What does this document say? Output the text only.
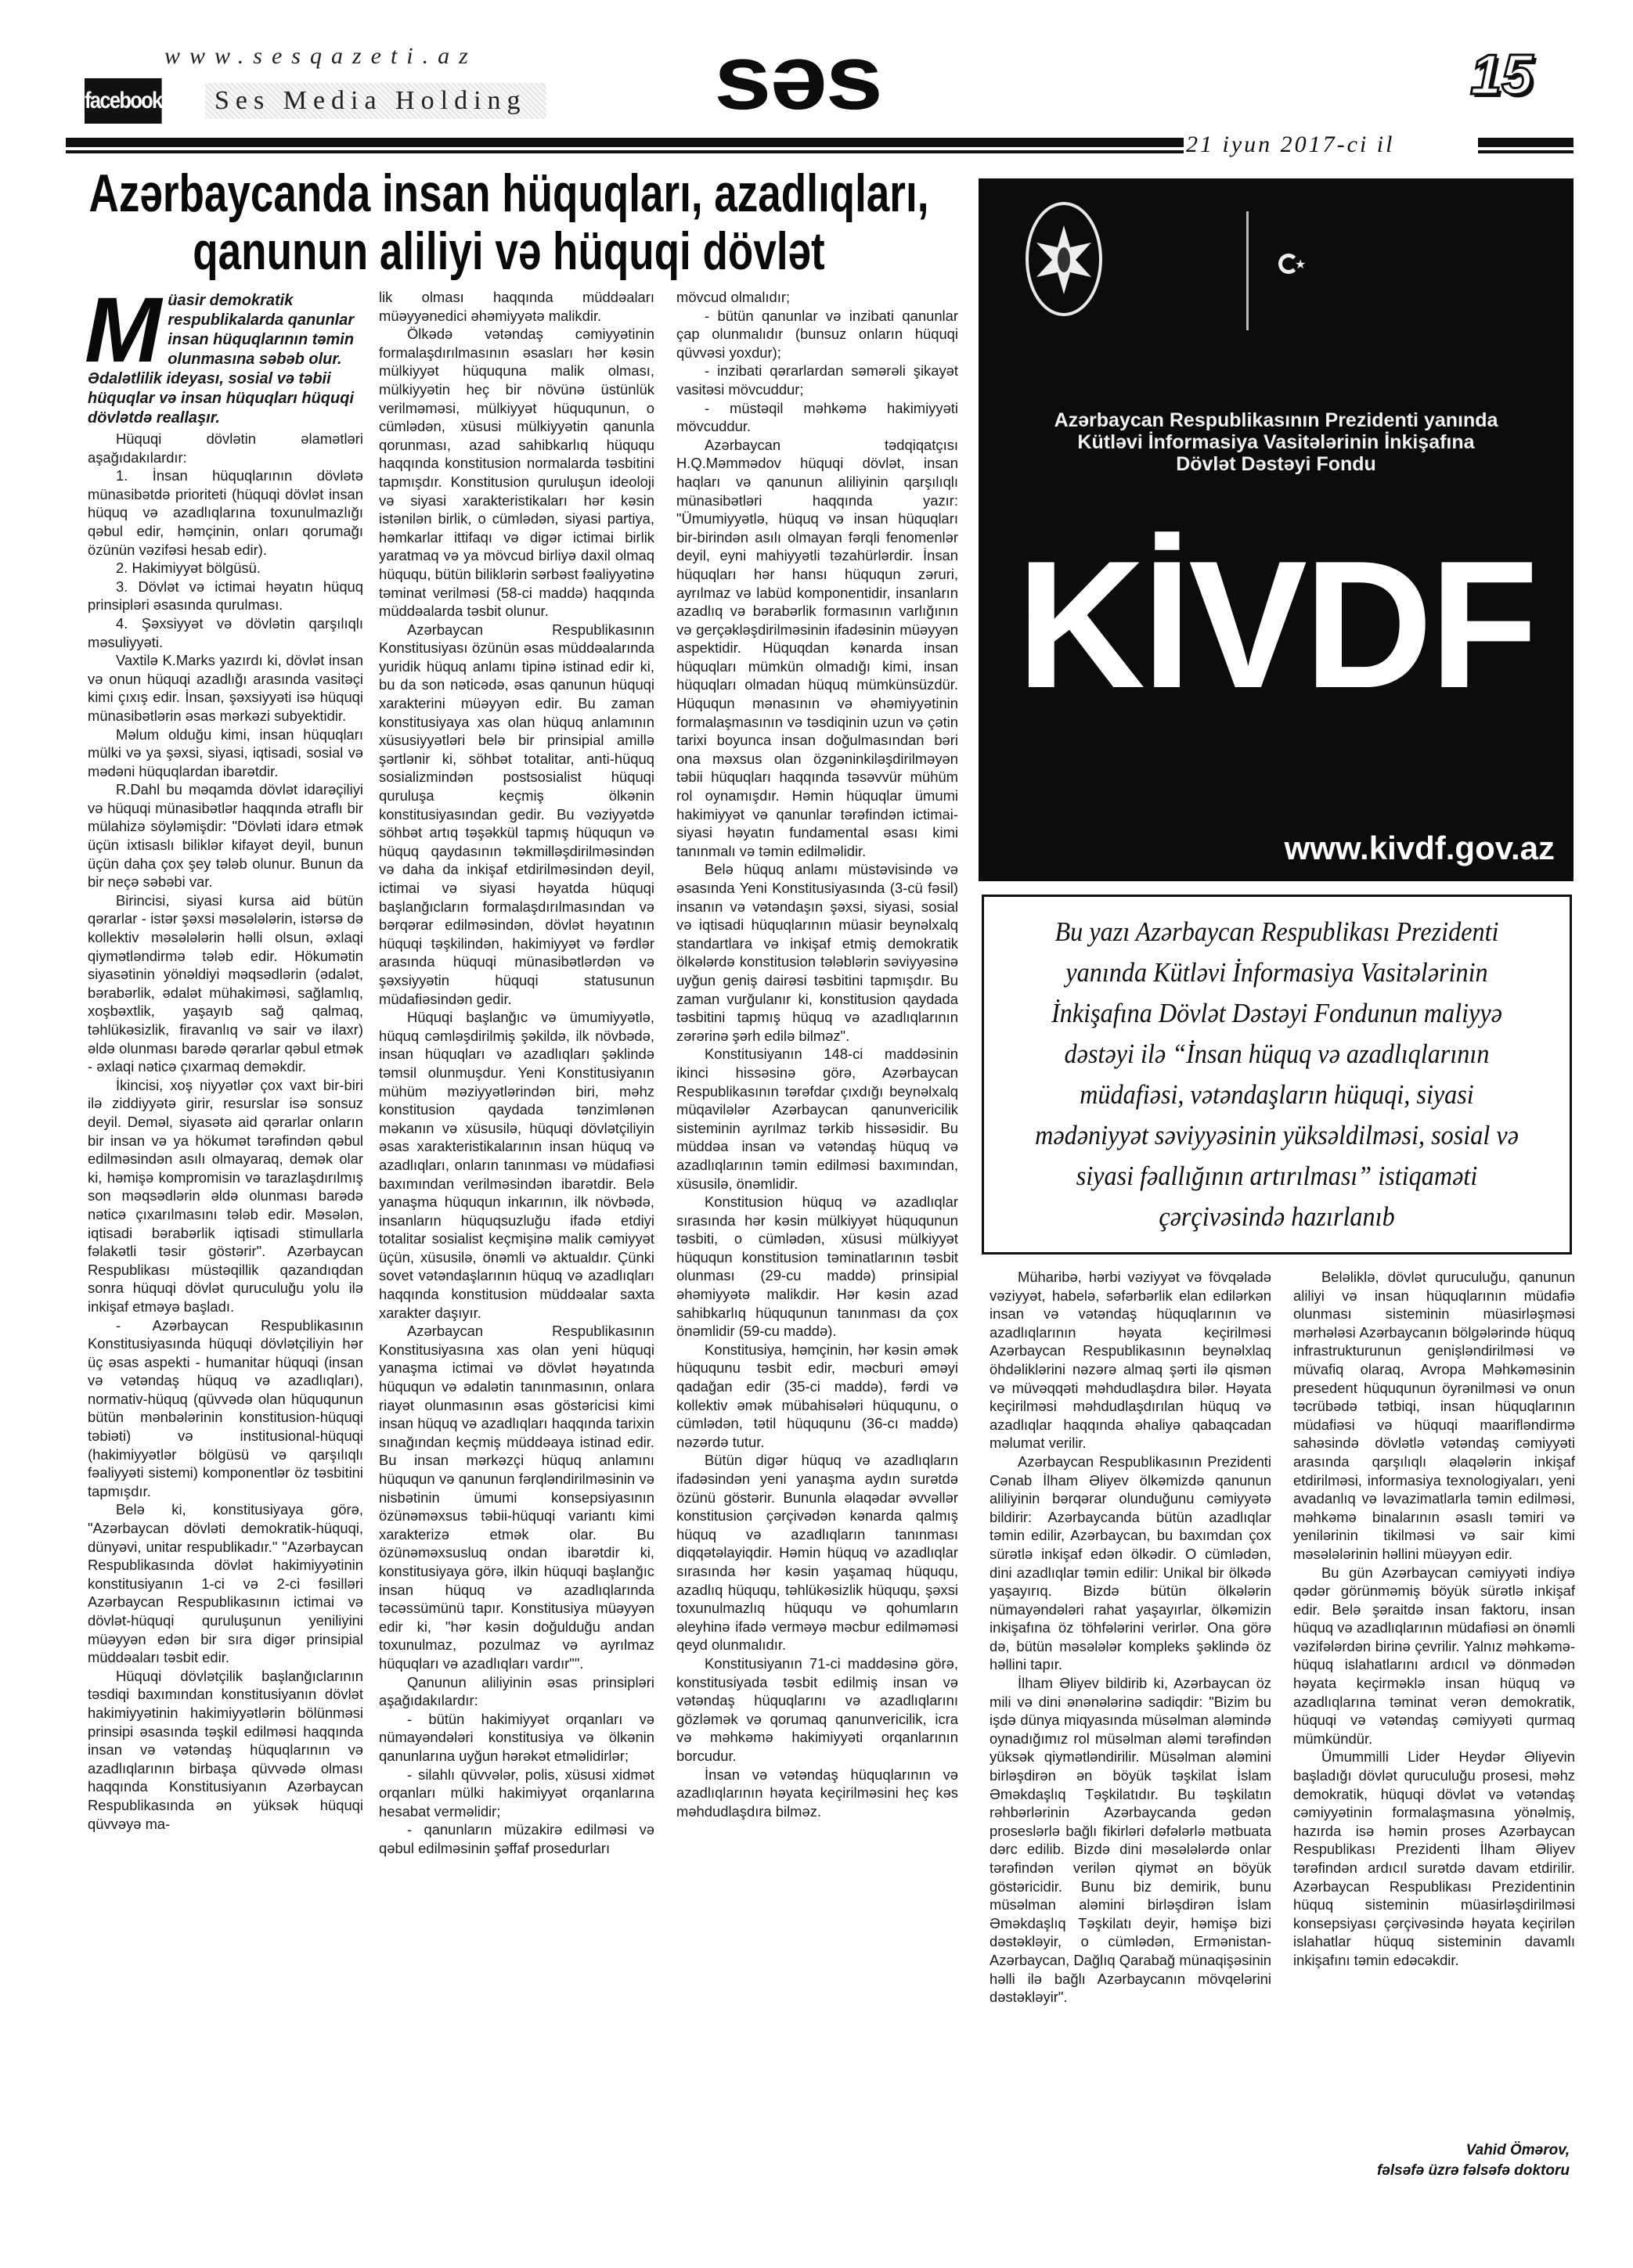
www.sesqazeti.az
facebook	Ses Media Holding səs	15
21 iyun 2017-ci il
Azərbaycanda insan hüquqları, azadlıqları,
qanunun aliliyi və hüquqi dövlət
Müasir demokratik respublikalarda qanunlar insan hüquqlarının təmin olunmasına səbəb olur. Ədalətlilik ideyası, sosial və təbii hüquqlar və insan hüquqları hüquqi dövlətdə reallaşır.

Hüquqi dövlətin əlamətləri aşağıdakılardır:

1. İnsan hüquqlarının dövlətə münasibətdə prioriteti (hüquqi dövlət insan hüquq və azadlıqlarına toxunulmazlığı qəbul edir, həmçinin, onları qorumağı özünün vəzifəsi hesab edir).

2. Hakimiyyət bölgüsü.

3. Dövlət və ictimai həyatın hüquq prinsipləri əsasında qurulması.

4. Şəxsiyyət və dövlətin qarşılıqlı məsuliyyəti.

Vaxtilə K.Marks yazırdı ki, dövlət insan və onun hüquqi azadlığı arasında vasitəçi kimi çıxış edir. İnsan, şəxsiyyəti isə hüquqi münasibətlərin əsas mərkəzi subyektidir.

Məlum olduğu kimi, insan hüquqları mülki və ya şəxsi, siyasi, iqtisadi, sosial və mədəni hüquqlardan ibarətdir.

R.Dahl bu məqamda dövlət idarəçiliyi və hüquqi münasibətlər haqqında ətraflı bir mülahizə söyləmişdir: "Dövləti idarə etmək üçün ixtisaslı biliklər kifayət deyil, bunun üçün daha çox şey tələb olunur. Bunun da bir neçə səbəbi var.

Birincisi, siyasi kursa aid bütün qərarlar - istər şəxsi məsələlərin, istərsə də kollektiv məsələlərin həlli olsun, əxlaqi qiymətləndirmə tələb edir. Hökumətin siyasətinin yönəldiyi məqsədlərin (ədalət, bərabərlik, ədalət mühakiməsi, sağlamlıq, xoşbəxtlik, yaşayıb sağ qalmaq, təhlükəsizlik, firavanlıq və sair və ilaxr) əldə olunması barədə qərarlar qəbul etmək - əxlaqi nəticə çıxarmaq deməkdir.

İkincisi, xoş niyyətlər çox vaxt bir-biri ilə ziddiyyətə girir, resurslar isə sonsuz deyil. Deməl, siyasətə aid qərarlar onların bir insan və ya hökumət tərəfindən qəbul edilməsindən asılı olmayaraq, demək olar ki, həmişə kompromisin və tarazlaşdırılmış son məqsədlərin əldə olunması barədə nəticə çıxarılmasını tələb edir. Məsələn, iqtisadi bərabərlik iqtisadi stimullarla fəlakətli təsir göstərir". Azərbaycan Respublikası müstəqillik qazandıqdan sonra hüquqi dövlət quruculuğu yolu ilə inkişaf etməyə başladı.

- Azərbaycan Respublikasının Konstitusiyasında hüquqi dövlətçiliyin hər üç əsas aspekti - humanitar hüquqi (insan və vətəndaş hüquq və azadlıqları), normativ-hüquq (qüvvədə olan hüququnun bütün mənbələrinin konstitusion-hüquqi təbiəti) və institusional-hüquqi (hakimiyyətlər bölgüsü və qarşılıqlı fəaliyyəti sistemi) komponentlər öz təsbitini tapmışdır.

Belə ki, konstitusiyaya görə, "Azərbaycan dövləti demokratik-hüquqi, dünyəvi, unitar respublikadır." "Azərbaycan Respublikasında dövlət hakimiyyətinin konstitusiyanın 1-ci və 2-ci fəsilləri Azərbaycan Respublikasının ictimai və dövlət-hüquqi quruluşunun yeniliyini müəyyən edən bir sıra digər prinsipial müddəaları təsbit edir.

Hüquqi dövlətçilik başlanğıclarının təsdiqi baxımından konstitusiyanın dövlət hakimiyyətinin hakimiyyətlərin bölünməsi prinsipi əsasında təşkil edilməsi haqqında insan və vətəndaş hüquqlarının və azadlıqlarının birbaşa qüvvədə olması haqqında Konstitusiyanın Azərbaycan Respublikasında ən yüksək hüquqi qüvvəyə ma-

lik olması haqqında müddəaları müəyyənedici əhəmiyyətə malikdir.

Ölkədə vətəndaş cəmiyyətinin formalaşdırılmasının əsasları hər kəsin mülkiyyət hüququna malik olması, mülkiyyətin heç bir növünə üstünlük verilməməsi, mülkiyyət hüququnun, o cümlədən, xüsusi mülkiyyətin qanunla qorunması, azad sahibkarlıq hüququ haqqında konstitusion normalarda təsbitini tapmışdır. Konstitusion quruluşun ideoloji və siyasi xarakteristikaları hər kəsin istənilən birlik, o cümlədən, siyasi partiya, həmkarlar ittifaqı və digər ictimai birlik yaratmaq və ya mövcud birliyə daxil olmaq hüququ, bütün biliklərin sərbəst fəaliyyətinə təminat verilməsi (58-ci maddə) haqqında müddəalarda təsbit olunur.

Azərbaycan Respublikasının Konstitusiyası özünün əsas müddəalarında yuridik hüquq anlamı tipinə istinad edir ki, bu da son nəticədə, əsas qanunun hüquqi xarakterini müəyyən edir. Bu zaman konstitusiyaya xas olan hüquq anlamının xüsusiyyətləri belə bir prinsipial amillə şərtlənir ki, söhbət totalitar, anti-hüquq sosializmindən postsosialist hüquqi quruluşa keçmiş ölkənin konstitusiyasından gedir. Bu vəziyyətdə söhbət artıq təşəkkül tapmış hüququn və hüquq qaydasının təkmilləşdirilməsindən və daha da inkişaf etdirilməsindən deyil, ictimai və siyasi həyatda hüquqi başlanğıcların formalaşdırılmasından və bərqərar edilməsindən, dövlət həyatının hüquqi təşkilindən, hakimiyyət və fərdlər arasında hüquqi münasibətlərdən və şəxsiyyətin hüquqi statusunun müdafiəsindən gedir.

Hüquqi başlanğıc və ümumiyyətlə, hüquq cəmləşdirilmiş şəkildə, ilk növbədə, insan hüquqları və azadlıqları şəklində təmsil olunmuşdur. Yeni Konstitusiyanın mühüm məziyyətlərindən biri, məhz konstitusion qaydada tənzimlənən məkanın və xüsusilə, hüquqi dövlətçiliyin əsas xarakteristikalarının insan hüquq və azadlıqları, onların tanınması və müdafiəsi baxımından verilməsindən ibarətdir. Belə yanaşma hüququn inkarının, ilk növbədə, insanların hüquqsuzluğu ifadə etdiyi totalitar sosialist keçmişinə malik cəmiyyət üçün, xüsusilə, önəmli və aktualdır. Çünki sovet vətəndaşlarının hüquq və azadlıqları haqqında konstitusion müddəalar saxta xarakter daşıyır.

Azərbaycan Respublikasının Konstitusiyasına xas olan yeni hüquqi yanaşma ictimai və dövlət həyatında hüququn və ədalətin tanınmasının, onlara riayət olunmasının əsas göstəricisi kimi insan hüquq və azadlıqları haqqında tarixin sınağından keçmiş müddəaya istinad edir. Bu insan mərkəzçi hüquq anlamını hüququn və qanunun fərqləndirilməsinin və nisbətinin ümumi konsepsiyasının özünəməxsus təbii-hüquqi variantı kimi xarakterizə etmək olar. Bu özünəməxsusluq ondan ibarətdir ki, konstitusiyaya görə, ilkin hüquqi başlanğıc insan hüquq və azadlıqlarında təcəssümünü tapır. Konstitusiya müəyyən edir ki, "hər kəsin doğulduğu andan toxunulmaz, pozulmaz və ayrılmaz hüquqları və azadlıqları vardır"".

Qanunun aliliyinin əsas prinsipləri aşağıdakılardır:

- bütün hakimiyyət orqanları və nümayəndələri konstitusiya və ölkənin qanunlarına uyğun hərəkət etməlidirlər;

- silahlı qüvvələr, polis, xüsusi xidmət orqanları mülki hakimiyyət orqanlarına hesabat verməlidir;

- qanunların müzakirə edilməsi və qəbul edilməsinin şəffaf prosedurları

mövcud olmalıdır;

- bütün qanunlar və inzibati qanunlar çap olunmalıdır (bunsuz onların hüquqi qüvvəsi yoxdur);

- inzibati qərarlardan səmərəli şikayət vasitəsi mövcuddur;

- müstəqil məhkəmə hakimiyyəti mövcuddur.

Azərbaycan tədqiqatçısı H.Q.Məmmədov hüquqi dövlət, insan haqları və qanunun aliliyinin qarşılıqlı münasibətləri haqqında yazır: "Ümumiyyətlə, hüquq və insan hüquqları bir-birindən asılı olmayan fərqli fenomenlər deyil, eyni mahiyyətli təzahürlərdir. İnsan hüquqları hər hansı hüququn zəruri, ayrılmaz və labüd komponentidir, insanların azadlıq və bərabərlik formasının varlığının və gerçəkləşdirilməsinin ifadəsinin müəyyən aspektidir. Hüquqdan kənarda insan hüquqları mümkün olmadığı kimi, insan hüquqları olmadan hüquq mümkünsüzdür. Hüququn mənasının və əhəmiyyətinin formalaşmasının və təsdiqinin uzun və çətin tarixi boyunca insan doğulmasından bəri ona məxsus olan özgəninkiləşdirilməyən təbii hüquqları haqqında təsəvvür mühüm rol oynamışdır. Həmin hüquqlar ümumi hakimiyyət və qanunlar tərəfindən ictimai-siyasi həyatın fundamental əsası kimi tanınmalı və təmin edilməlidir.

Belə hüquq anlamı müstəvisində və əsasında Yeni Konstitusiyasında (3-cü fəsil) insanın və vətəndaşın şəxsi, siyasi, sosial və iqtisadi hüquqlarının müasir beynəlxalq standartlara və inkişaf etmiş demokratik ölkələrdə konstitusion tələblərin səviyyəsinə uyğun geniş dairəsi təsbitini tapmışdır. Bu zaman vurğulanır ki, konstitusion qaydada təsbitini tapmış hüquq və azadlıqlarının zərərinə şərh edilə bilməz".

Konstitusiyanın 148-ci maddəsinin ikinci hissəsinə görə, Azərbaycan Respublikasının tərəfdar çıxdığı beynəlxalq müqavilələr Azərbaycan qanunvericilik sisteminin ayrılmaz tərkib hissəsidir. Bu müddəa insan və vətəndaş hüquq və azadlıqlarının təmin edilməsi baxımından, xüsusilə, önəmlidir.

Konstitusion hüquq və azadlıqlar sırasında hər kəsin mülkiyyət hüququnun təsbiti, o cümlədən, xüsusi mülkiyyət hüququn konstitusion təminatlarının təsbit olunması (29-cu maddə) prinsipial əhəmiyyətə malikdir. Hər kəsin azad sahibkarlıq hüququnun tanınması da çox önəmlidir (59-cu maddə).

Konstitusiya, həmçinin, hər kəsin əmək hüququnu təsbit edir, məcburi əməyi qadağan edir (35-ci maddə), fərdi və kollektiv əmək mübahisələri hüququnu, o cümlədən, tətil hüququnu (36-cı maddə) nəzərdə tutur.

Bütün digər hüquq və azadlıqların ifadəsindən yeni yanaşma aydın surətdə özünü göstərir. Bununla əlaqədar əvvəllər konstitusion çərçivədən kənarda qalmış hüquq və azadlıqların tanınması diqqətəlayiqdir. Həmin hüquq və azadlıqlar sırasında hər kəsin yaşamaq hüququ, azadlıq hüququ, təhlükəsizlik hüququ, şəxsi toxunulmazlıq hüququ və qohumların əleyhinə ifadə verməyə məcbur edilməməsi qeyd olunmalıdır.

Konstitusiyanın 71-ci maddəsinə görə, konstitusiyada təsbit edilmiş insan və vətəndaş hüquqlarını və azadlıqlarını gözləmək və qorumaq qanunvericilik, icra və məhkəmə hakimiyyəti orqanlarının borcudur.

İnsan və vətəndaş hüquqlarının və azadlıqlarının həyata keçirilməsini heç kəs məhdudlaşdıra bilməz.

★
Azərbaycan Respublikasının Prezidenti yanında
Kütləvi İnformasiya Vasitələrinin İnkişafına
Dövlət Dəstəyi Fondu
KİVDF
www.kivdf.gov.az
Bu yazı Azərbaycan Respublikası Prezidenti yanında Kütləvi İnformasiya Vasitələrinin İnkişafına Dövlət Dəstəyi Fondunun maliyyə dəstəyi ilə “İnsan hüquq və azadlıqlarının müdafiəsi, vətəndaşların hüquqi, siyasi mədəniyyət səviyyəsinin yüksəldilməsi, sosial və siyasi fəallığının artırılması” istiqaməti çərçivəsində hazırlanıb

Müharibə, hərbi vəziyyət və fövqəladə vəziyyət, habelə, səfərbərlik elan edilərkən insan və vətəndaş hüquqlarının və azadlıqlarının həyata keçirilməsi Azərbaycan Respublikasının beynəlxlaq öhdəliklərini nəzərə almaq şərti ilə qismən və müvəqqəti məhdudlaşdıra bilər. Həyata keçirilməsi məhdudlaşdırılan hüquq və azadlıqlar haqqında əhaliyə qabaqcadan məlumat verilir.

Azərbaycan Respublikasının Prezidenti Cənab İlham Əliyev ölkəmizdə qanunun aliliyinin bərqərar olunduğunu cəmiyyətə bildirir: Azərbaycanda bütün azadlıqlar təmin edilir, Azərbaycan, bu baxımdan çox sürətlə inkişaf edən ölkədir. O cümlədən, dini azadlıqlar təmin edilir: Unikal bir ölkədə yaşayırıq. Bizdə bütün ölkələrin nümayəndələri rahat yaşayırlar, ölkəmizin inkişafına öz töhfələrini verirlər. Ona görə də, bütün məsələlər kompleks şəklində öz həllini tapır.

İlham Əliyev bildirib ki, Azərbaycan öz mili və dini ənənələrinə sadiqdir: "Bizim bu işdə dünya miqyasında müsəlman aləmində oynadığımız rol müsəlman aləmi tərəfindən yüksək qiymətləndirilir. Müsəlman aləmini birləşdirən ən böyük təşkilat İslam Əməkdaşlıq Təşkilatıdır. Bu təşkilatın rəhbərlərinin Azərbaycanda gedən proseslərlə bağlı fikirləri dəfələrlə mətbuata dərc edilib. Bizdə dini məsələlərdə onlar tərəfindən verilən qiymət ən böyük göstəricidir. Bunu biz demirik, bunu müsəlman aləmini birləşdirən İslam Əməkdaşlıq Təşkilatı deyir, həmişə bizi dəstəkləyir, o cümlədən, Ermənistan-Azərbaycan, Dağlıq Qarabağ münaqişəsinin həlli ilə bağlı Azərbaycanın mövqelərini dəstəkləyir".

Beləliklə, dövlət quruculuğu, qanunun aliliyi və insan hüquqlarının müdafiə olunması sisteminin müasirləşməsi mərhələsi Azərbaycanın bölgələrində hüquq infrastrukturunun genişləndirilməsi və müvafiq olaraq, Avropa Məhkəməsinin presedent hüququnun öyrənilməsi və onun təcrübədə tətbiqi, insan hüquqlarının müdafiəsi və hüquqi maarifləndirmə sahəsində dövlətlə vətəndaş cəmiyyəti arasında qarşılıqlı əlaqələrin inkişaf etdirilməsi, informasiya texnologiyaları, yeni avadanlıq və ləvazimatlarla təmin edilməsi, məhkəmə binalarının əsaslı təmiri və yenilərinin tikilməsi və sair kimi məsələlərinin həllini müəyyən edir.

Bu gün Azərbaycan cəmiyyəti indiyə qədər görünməmiş böyük sürətlə inkişaf edir. Belə şəraitdə insan faktoru, insan hüquq və azadlıqlarının müdafiəsi ən önəmli vəzifələrdən birinə çevrilir. Yalnız məhkəmə-hüquq islahatlarını ardıcıl və dönmədən həyata keçirməklə insan hüquq və azadlıqlarına təminat verən demokratik, hüquqi və vətəndaş cəmiyyəti qurmaq mümkündür.

Ümummilli Lider Heydər Əliyevin başladığı dövlət quruculuğu prosesi, məhz demokratik, hüquqi dövlət və vətəndaş cəmiyyətinin formalaşmasına yönəlmiş, hazırda isə həmin proses Azərbaycan Respublikası Prezidenti İlham Əliyev tərəfindən ardıcıl surətdə davam etdirilir. Azərbaycan Respublikası Prezidentinin hüquq sisteminin müasirləşdirilməsi konsepsiyası çərçivəsində həyata keçirilən islahatlar hüquq sisteminin davamlı inkişafını təmin edəcəkdir.

Vahid Ömərov,
fəlsəfə üzrə fəlsəfə doktoru
